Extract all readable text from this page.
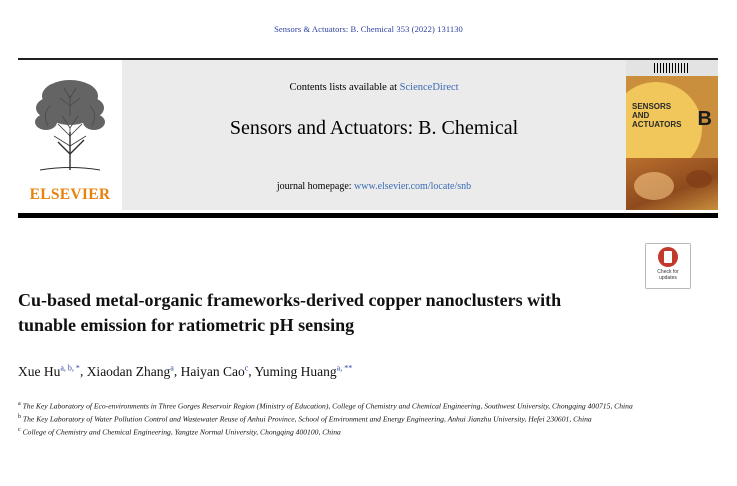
Sensors & Actuators: B. Chemical 353 (2022) 131130
ELSEVIER
Contents lists available at ScienceDirect
Sensors and Actuators: B. Chemical
journal homepage: www.elsevier.com/locate/snb
SENSORS
AND
ACTUATORS B
Check for
updates
Cu-based metal-organic frameworks-derived copper nanoclusters with tunable emission for ratiometric pH sensing
Xue Hu$^{a, b, *}$, Xiaodan Zhang$^a$, Haiyan Cao$^c$, Yuming Huang$^{a, **}$
$^a$ The Key Laboratory of Eco-environments in Three Gorges Reservoir Region (Ministry of Education), College of Chemistry and Chemical Engineering, Southwest University, Chongqing 400715, China
$^b$ The Key Laboratory of Water Pollution Control and Wastewater Reuse of Anhui Province, School of Environment and Energy Engineering, Anhui Jianzhu University, Hefei 230601, China
$^c$ College of Chemistry and Chemical Engineering, Yangtze Normal University, Chongqing 400100, China
